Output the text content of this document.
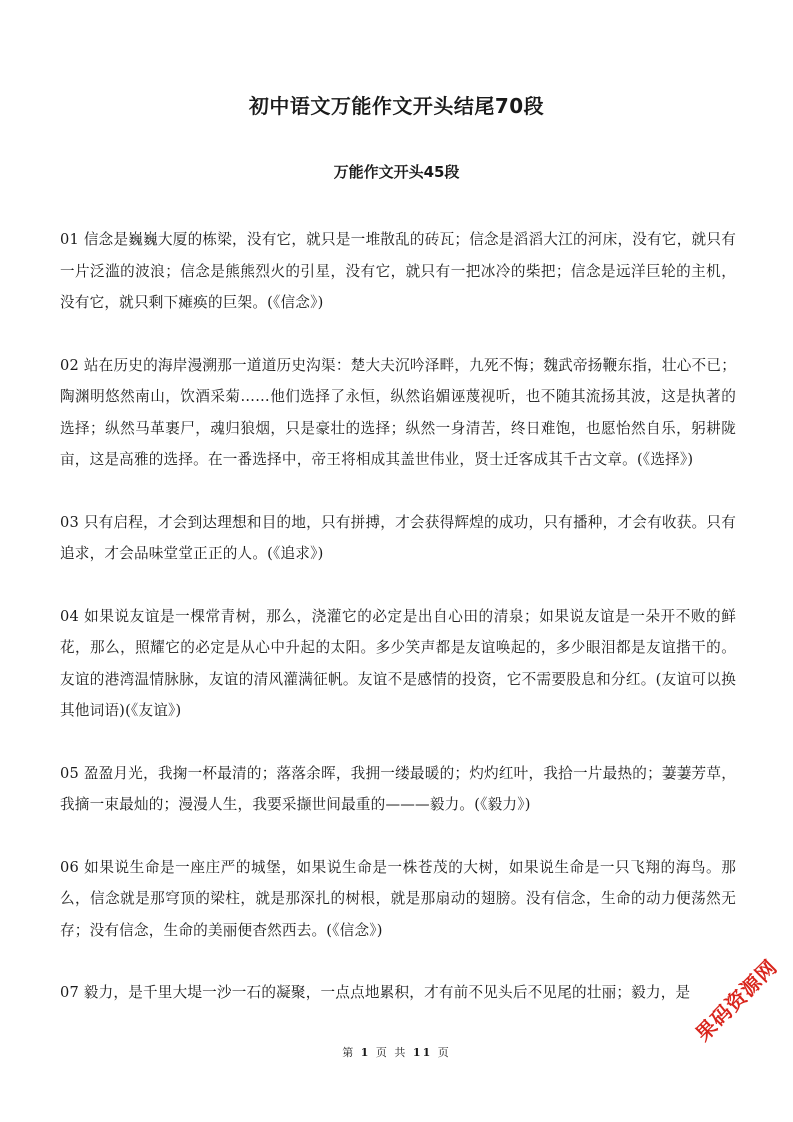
初中语文万能作文开头结尾70段
万能作文开头45段

01 信念是巍巍大厦的栋梁，没有它，就只是一堆散乱的砖瓦；信念是滔滔大江的河床，没有它，就只有一片泛滥的波浪；信念是熊熊烈火的引星，没有它，就只有一把冰冷的柴把；信念是远洋巨轮的主机，没有它，就只剩下瘫痪的巨架。(《信念》)

02 站在历史的海岸漫溯那一道道历史沟渠：楚大夫沉吟泽畔，九死不悔；魏武帝扬鞭东指，壮心不已；陶渊明悠然南山，饮酒采菊……他们选择了永恒，纵然谄媚诬蔑视听，也不随其流扬其波，这是执著的选择；纵然马革裹尸，魂归狼烟，只是豪壮的选择；纵然一身清苦，终日难饱，也愿怡然自乐，躬耕陇亩，这是高雅的选择。在一番选择中，帝王将相成其盖世伟业，贤士迁客成其千古文章。(《选择》)

03 只有启程，才会到达理想和目的地，只有拼搏，才会获得辉煌的成功，只有播种，才会有收获。只有追求，才会品味堂堂正正的人。(《追求》)

04 如果说友谊是一棵常青树，那么，浇灌它的必定是出自心田的清泉；如果说友谊是一朵开不败的鲜花，那么，照耀它的必定是从心中升起的太阳。多少笑声都是友谊唤起的，多少眼泪都是友谊揩干的。友谊的港湾温情脉脉，友谊的清风灌满征帆。友谊不是感情的投资，它不需要股息和分红。(友谊可以换其他词语)(《友谊》)

05 盈盈月光，我掬一杯最清的；落落余晖，我拥一缕最暖的；灼灼红叶，我拾一片最热的；萋萋芳草，我摘一束最灿的；漫漫人生，我要采撷世间最重的———毅力。(《毅力》)

06 如果说生命是一座庄严的城堡，如果说生命是一株苍茂的大树，如果说生命是一只飞翔的海鸟。那么，信念就是那穹顶的梁柱，就是那深扎的树根，就是那扇动的翅膀。没有信念，生命的动力便荡然无存；没有信念，生命的美丽便杳然西去。(《信念》)

07 毅力，是千里大堤一沙一石的凝聚，一点点地累积，才有前不见头后不见尾的壮丽；毅力，是

第 1 页 共 11 页
果码资源网
